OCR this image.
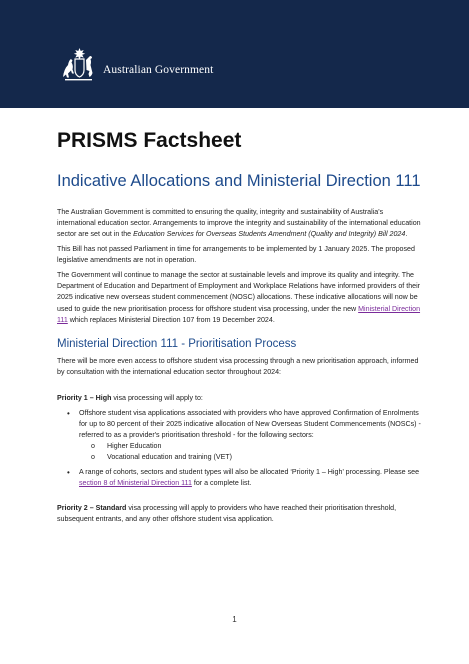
Australian Government
PRISMS Factsheet
Indicative Allocations and Ministerial Direction 111

The Australian Government is committed to ensuring the quality, integrity and sustainability of Australia's international education sector. Arrangements to improve the integrity and sustainability of the international education sector are set out in the Education Services for Overseas Students Amendment (Quality and Integrity) Bill 2024.

This Bill has not passed Parliament in time for arrangements to be implemented by 1 January 2025. The proposed legislative amendments are not in operation.

The Government will continue to manage the sector at sustainable levels and improve its quality and integrity. The Department of Education and Department of Employment and Workplace Relations have informed providers of their 2025 indicative new overseas student commencement (NOSC) allocations. These indicative allocations will now be used to guide the new prioritisation process for offshore student visa processing, under the new Ministerial Direction 111 which replaces Ministerial Direction 107 from 19 December 2024.

Ministerial Direction 111 - Prioritisation Process

There will be more even access to offshore student visa processing through a new prioritisation approach, informed by consultation with the international education sector throughout 2024:

Priority 1 – High visa processing will apply to:

• Offshore student visa applications associated with providers who have approved Confirmation of Enrolments for up to 80 percent of their 2025 indicative allocation of New Overseas Student Commencements (NOSCs) - referred to as a provider's prioritisation threshold - for the following sectors:
o Higher Education
o Vocational education and training (VET)
• A range of cohorts, sectors and student types will also be allocated ‘Priority 1 – High’ processing. Please see section 8 of Ministerial Direction 111 for a complete list.

Priority 2 – Standard visa processing will apply to providers who have reached their prioritisation threshold, subsequent entrants, and any other offshore student visa application.

1
